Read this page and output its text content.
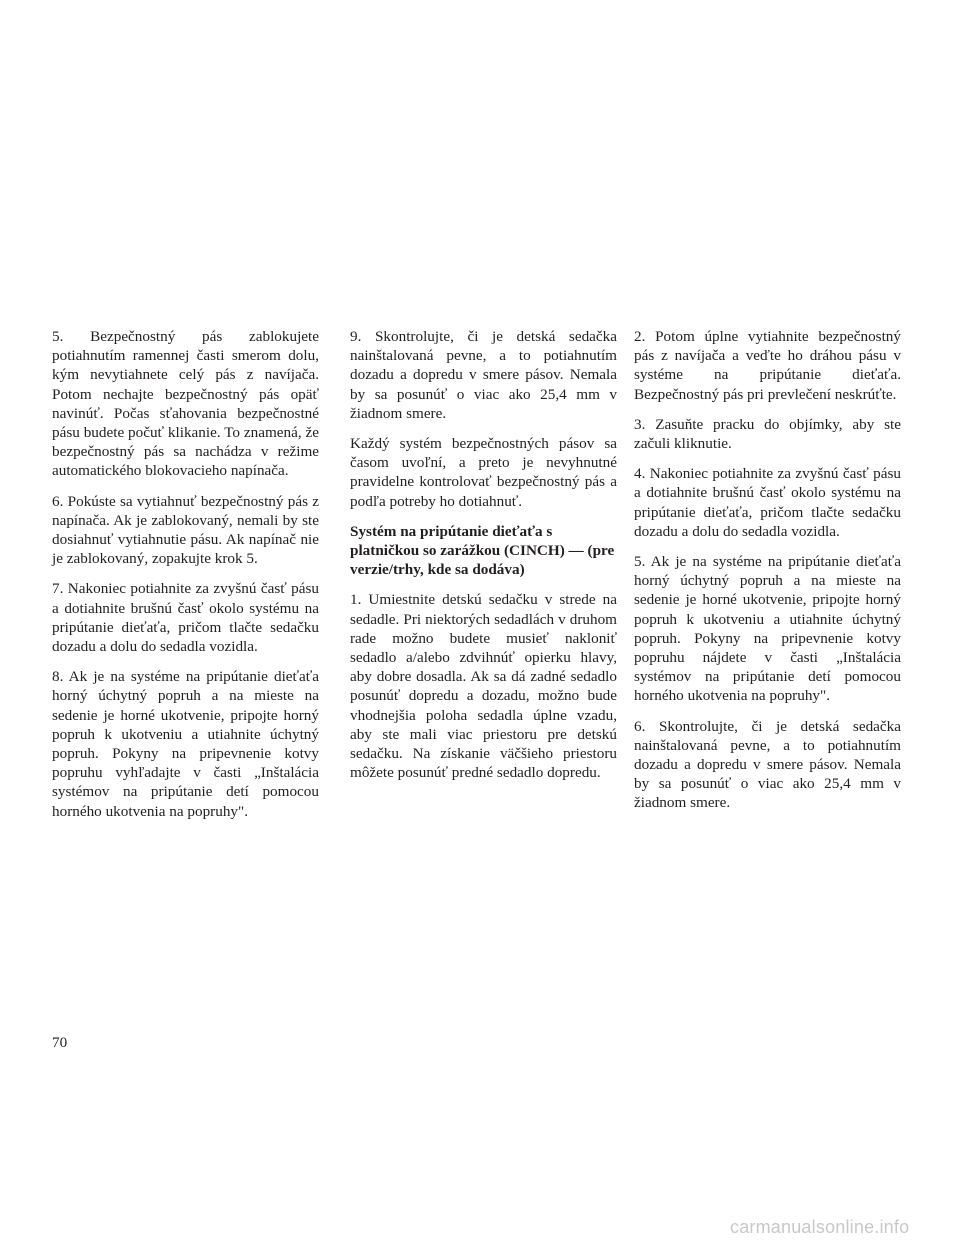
5. Bezpečnostný pás zablokujete potiahnutím ramennej časti smerom dolu, kým nevytiahnete celý pás z navíjača. Potom nechajte bezpečnostný pás opäť navinúť. Počas sťahovania bezpečnostné pásu budete počuť klikanie. To znamená, že bezpečnostný pás sa nachádza v režime automatického blokovacieho napínača.

6. Pokúste sa vytiahnuť bezpečnostný pás z napínača. Ak je zablokovaný, nemali by ste dosiahnuť vytiahnutie pásu. Ak napínač nie je zablokovaný, zopakujte krok 5.

7. Nakoniec potiahnite za zvyšnú časť pásu a dotiahnite brušnú časť okolo systému na pripútanie dieťaťa, pričom tlačte sedačku dozadu a dolu do sedadla vozidla.

8. Ak je na systéme na pripútanie dieťaťa horný úchytný popruh a na mieste na sedenie je horné ukotvenie, pripojte horný popruh k ukotveniu a utiahnite úchytný popruh. Pokyny na pripevnenie kotvy popruhu vyhľadajte v časti „Inštalácia systémov na pripútanie detí pomocou horného ukotvenia na popruhy".

9. Skontrolujte, či je detská sedačka nainštalovaná pevne, a to potiahnutím dozadu a dopredu v smere pásov. Nemala by sa posunúť o viac ako 25,4 mm v žiadnom smere.

Každý systém bezpečnostných pásov sa časom uvoľní, a preto je nevyhnutné pravidelne kontrolovať bezpečnostný pás a podľa potreby ho dotiahnuť.

Systém na pripútanie dieťaťa s platničkou so zarážkou (CINCH) — (pre verzie/trhy, kde sa dodáva)

1. Umiestnite detskú sedačku v strede na sedadle. Pri niektorých sedadlách v druhom rade možno budete musieť nakloniť sedadlo a/alebo zdvihnúť opierku hlavy, aby dobre dosadla. Ak sa dá zadné sedadlo posunúť dopredu a dozadu, možno bude vhodnejšia poloha sedadla úplne vzadu, aby ste mali viac priestoru pre detskú sedačku. Na získanie väčšieho priestoru môžete posunúť predné sedadlo dopredu.

2. Potom úplne vytiahnite bezpečnostný pás z navíjača a veďte ho dráhou pásu v systéme na pripútanie dieťaťa. Bezpečnostný pás pri prevlečení neskrúťte.

3. Zasuňte pracku do objímky, aby ste začuli kliknutie.

4. Nakoniec potiahnite za zvyšnú časť pásu a dotiahnite brušnú časť okolo systému na pripútanie dieťaťa, pričom tlačte sedačku dozadu a dolu do sedadla vozidla.

5. Ak je na systéme na pripútanie dieťaťa horný úchytný popruh a na mieste na sedenie je horné ukotvenie, pripojte horný popruh k ukotveniu a utiahnite úchytný popruh. Pokyny na pripevnenie kotvy popruhu nájdete v časti „Inštalácia systémov na pripútanie detí pomocou horného ukotvenia na popruhy".

6. Skontrolujte, či je detská sedačka nainštalovaná pevne, a to potiahnutím dozadu a dopredu v smere pásov. Nemala by sa posunúť o viac ako 25,4 mm v žiadnom smere.

70
carmanualsonline.info
